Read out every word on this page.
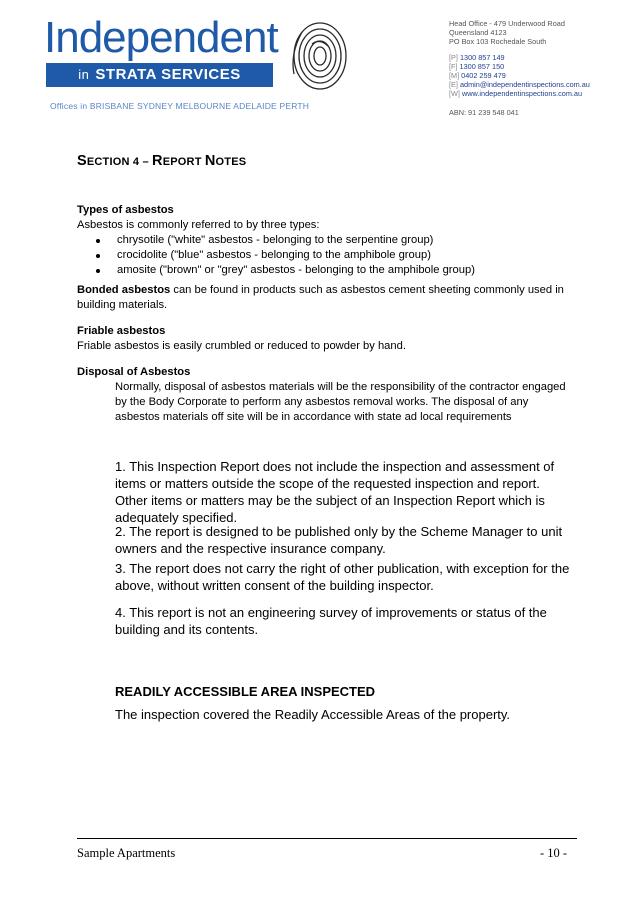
Independent
in STRATA SERVICES
Offices in BRISBANE SYDNEY MELBOURNE ADELAIDE PERTH
Head Office - 479 Underwood Road
Queensland 4123
PO Box 103 Rochedale South
[P] 1300 857 149
[F] 1300 857 150
[M] 0402 259 479
[E] admin@independentinspections.com.au
[W] www.independentinspections.com.au
ABN: 91 239 548 041
SECTION 4 – REPORT NOTES
Types of asbestos
Asbestos is commonly referred to by three types:
chrysotile ("white" asbestos - belonging to the serpentine group)
crocidolite ("blue" asbestos - belonging to the amphibole group)
amosite ("brown" or "grey" asbestos - belonging to the amphibole group)
Bonded asbestos can be found in products such as asbestos cement sheeting commonly used in building materials.
Friable asbestos
Friable asbestos is easily crumbled or reduced to powder by hand.
Disposal of Asbestos
Normally, disposal of asbestos materials will be the responsibility of the contractor engaged by the Body Corporate to perform any asbestos removal works. The disposal of any asbestos materials off site will be in accordance with state ad local requirements
1. This Inspection Report does not include the inspection and assessment of items or matters outside the scope of the requested inspection and report. Other items or matters may be the subject of an Inspection Report which is adequately specified.
2. The report is designed to be published only by the Scheme Manager to unit owners and the respective insurance company.
3. The report does not carry the right of other publication, with exception for the above, without written consent of the building inspector.
4. This report is not an engineering survey of improvements or status of the building and its contents.
READILY ACCESSIBLE AREA INSPECTED
The inspection covered the Readily Accessible Areas of the property.
Sample Apartments	- 10 -
